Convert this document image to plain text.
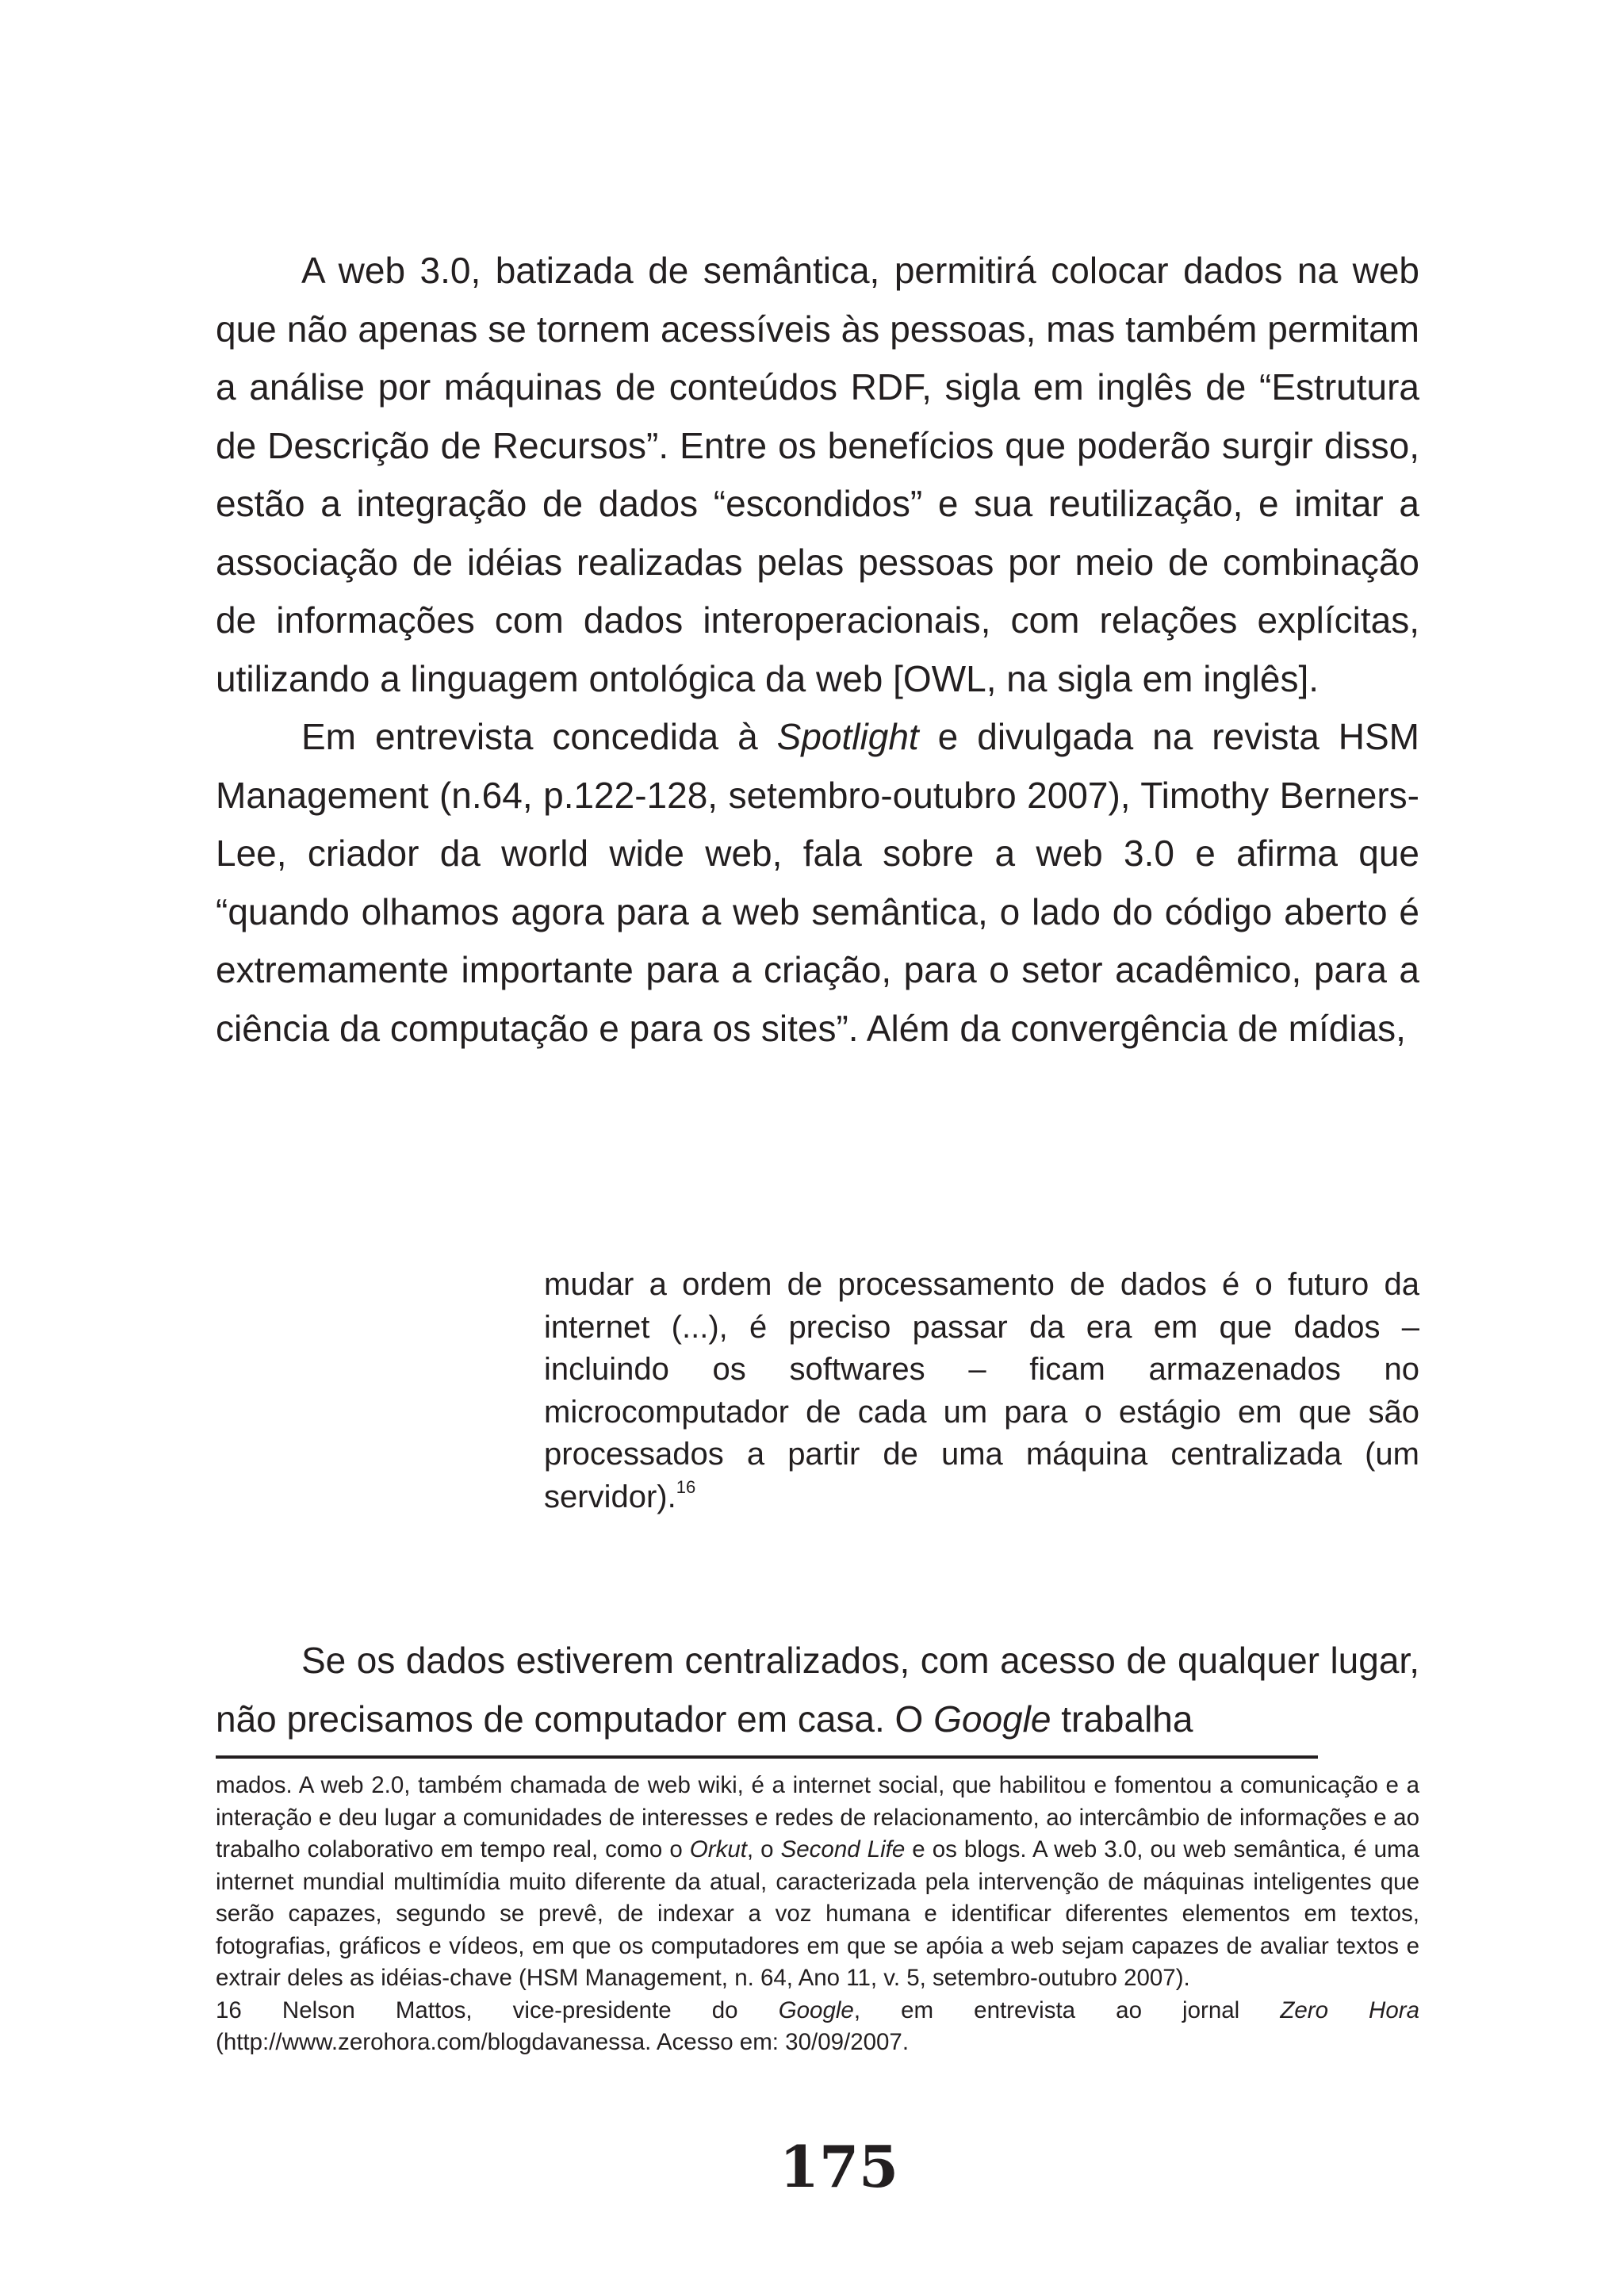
A web 3.0, batizada de semântica, permitirá colocar dados na web que não apenas se tornem acessíveis às pessoas, mas também permitam a análise por máquinas de conteúdos RDF, sigla em inglês de “Estrutura de Descrição de Recursos”. Entre os benefícios que poderão surgir disso, estão a integração de dados “escondidos” e sua reutilização, e imitar a associação de idéias realizadas pelas pessoas por meio de combinação de informações com dados interoperacionais, com relações explícitas, utilizando a linguagem ontológica da web [OWL, na sigla em inglês].

Em entrevista concedida à Spotlight e divulgada na revista HSM Management (n.64, p.122-128, setembro-outubro 2007), Timothy Berners-Lee, criador da world wide web, fala sobre a web 3.0 e afirma que “quando olhamos agora para a web semântica, o lado do código aberto é extremamente importante para a criação, para o setor acadêmico, para a ciência da computação e para os sites”. Além da convergência de mídias,

mudar a ordem de processamento de dados é o futuro da internet (...), é preciso passar da era em que dados – incluindo os softwares – ficam armazenados no microcomputador de cada um para o estágio em que são processados a partir de uma máquina centralizada (um servidor).$^{16}$

Se os dados estiverem centralizados, com acesso de qualquer lugar, não precisamos de computador em casa. O Google trabalha

mados. A web 2.0, também chamada de web wiki, é a internet social, que habilitou e fomentou a comunicação e a interação e deu lugar a comunidades de interesses e redes de relacionamento, ao intercâmbio de informações e ao trabalho colaborativo em tempo real, como o Orkut, o Second Life e os blogs. A web 3.0, ou web semântica, é uma internet mundial multimídia muito diferente da atual, caracterizada pela intervenção de máquinas inteligentes que serão capazes, segundo se prevê, de indexar a voz humana e identificar diferentes elementos em textos, fotografias, gráficos e vídeos, em que os computadores em que se apóia a web sejam capazes de avaliar textos e extrair deles as idéias-chave (HSM Management, n. 64, Ano 11, v. 5, setembro-outubro 2007).

16 Nelson Mattos, vice-presidente do Google, em entrevista ao jornal Zero Hora (http://www.zerohora.com/blogdavanessa. Acesso em: 30/09/2007.

175
